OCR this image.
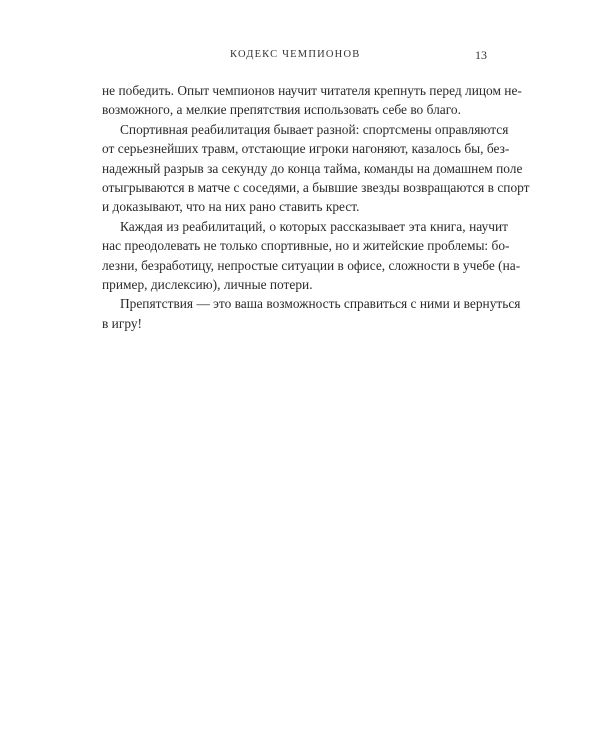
КОДЕКС ЧЕМПИОНОВ	13
не победить. Опыт чемпионов научит читателя крепнуть перед лицом не-
возможного, а мелкие препятствия использовать себе во благо.
Спортивная реабилитация бывает разной: спортсмены оправляются
от серьезнейших травм, отстающие игроки нагоняют, казалось бы, без-
надежный разрыв за секунду до конца тайма, команды на домашнем поле
отыгрываются в матче с соседями, а бывшие звезды возвращаются в спорт
и доказывают, что на них рано ставить крест.
Каждая из реабилитаций, о которых рассказывает эта книга, научит
нас преодолевать не только спортивные, но и житейские проблемы: бо-
лезни, безработицу, непростые ситуации в офисе, сложности в учебе (на-
пример, дислексию), личные потери.
Препятствия — это ваша возможность справиться с ними и вернуться
в игру!
